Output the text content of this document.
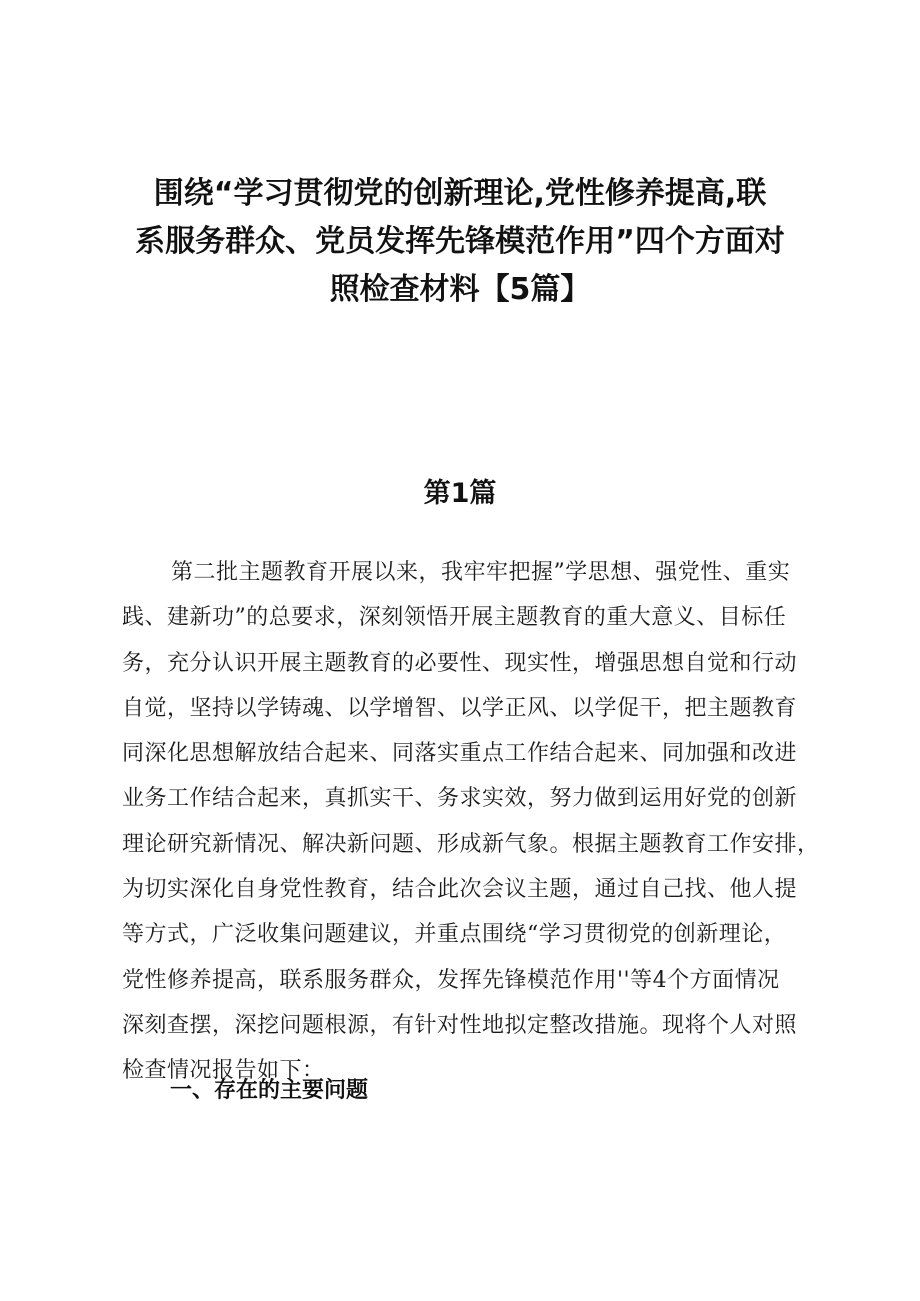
围绕“学习贯彻党的创新理论,党性修养提高,联
系服务群众、党员发挥先锋模范作用”四个方面对
照检查材料【5篇】
第1篇
第二批主题教育开展以来，我牢牢把握”学思想、强党性、重实
践、建新功”的总要求，深刻领悟开展主题教育的重大意义、目标任
务，充分认识开展主题教育的必要性、现实性，增强思想自觉和行动
自觉，坚持以学铸魂、以学增智、以学正风、以学促干，把主题教育
同深化思想解放结合起来、同落实重点工作结合起来、同加强和改进
业务工作结合起来，真抓实干、务求实效，努力做到运用好党的创新
理论研究新情况、解决新问题、形成新气象。根据主题教育工作安排，
为切实深化自身党性教育，结合此次会议主题，通过自己找、他人提
等方式，广泛收集问题建议，并重点围绕“学习贯彻党的创新理论，
党性修养提高，联系服务群众，发挥先锋模范作用''等4个方面情况
深刻查摆，深挖问题根源，有针对性地拟定整改措施。现将个人对照
检查情况报告如下：
一、存在的主要问题
